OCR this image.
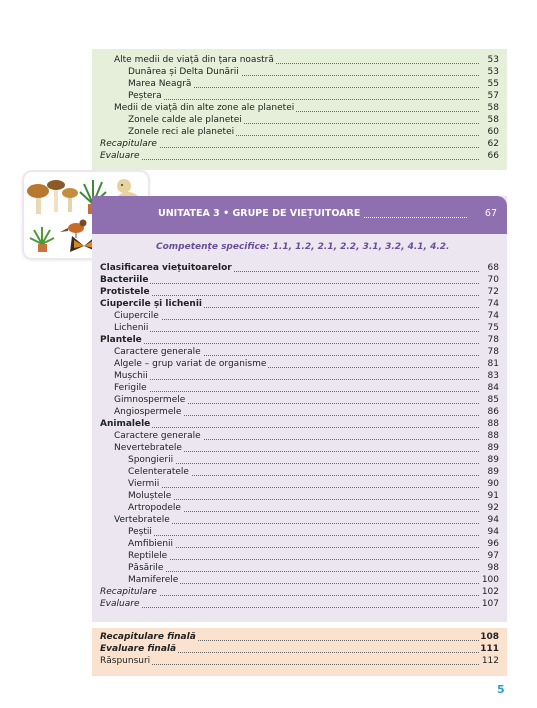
Alte medii de viață din țara noastră	53
Dunărea și Delta Dunării	53
Marea Neagră	55
Peștera	57
Medii de viață din alte zone ale planetei	58
Zonele calde ale planetei	58
Zonele reci ale planetei	60
Recapitulare	62
Evaluare	66
UNITATEA 3 • GRUPE DE VIEȚUITOARE	67
Competențe specifice: 1.1, 1.2, 2.1, 2.2, 3.1, 3.2, 4.1, 4.2.
Clasificarea viețuitoarelor	68
Bacteriile	70
Protistele	72
Ciupercile și lichenii	74
Ciupercile	74
Lichenii	75
Plantele	78
Caractere generale	78
Algele – grup variat de organisme	81
Mușchii	83
Ferigile	84
Gimnospermele	85
Angiospermele	86
Animalele	88
Caractere generale	88
Nevertebratele	89
Spongierii	89
Celenteratele	89
Viermii	90
Moluștele	91
Artropodele	92
Vertebratele	94
Peștii	94
Amfibienii	96
Reptilele	97
Păsările	98
Mamiferele	100
Recapitulare	102
Evaluare	107
Recapitulare finală	108
Evaluare finală	111
Răspunsuri	112
5
